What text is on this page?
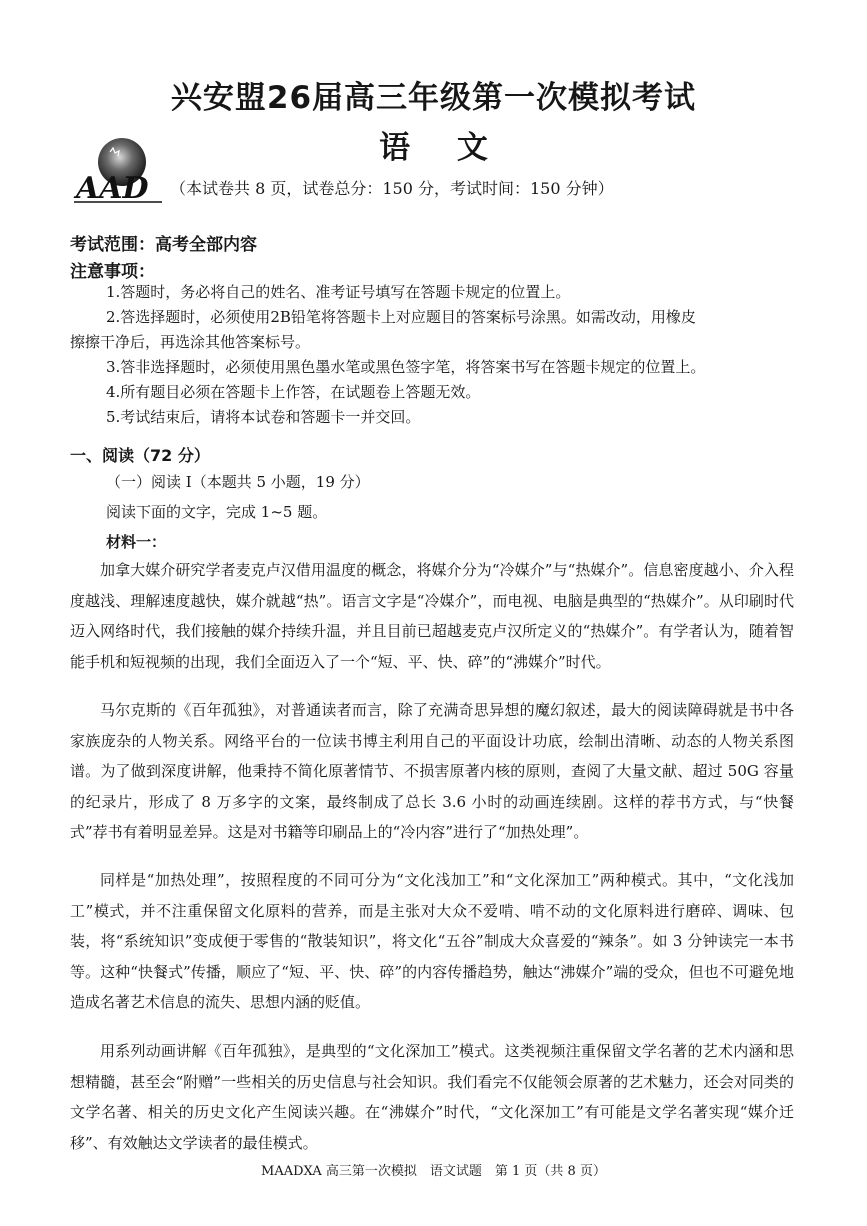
兴安盟26届高三年级第一次模拟考试
语 文
AAD （本试卷共 8 页，试卷总分：150 分，考试时间：150 分钟）
考试范围：高考全部内容
注意事项：
1.答题时，务必将自己的姓名、准考证号填写在答题卡规定的位置上。
2.答选择题时，必须使用2B铅笔将答题卡上对应题目的答案标号涂黑。如需改动，用橡皮
擦擦干净后，再选涂其他答案标号。
3.答非选择题时，必须使用黑色墨水笔或黑色签字笔，将答案书写在答题卡规定的位置上。
4.所有题目必须在答题卡上作答，在试题卷上答题无效。
5.考试结束后，请将本试卷和答题卡一并交回。
一、阅读（72 分）
（一）阅读 I（本题共 5 小题，19 分）
阅读下面的文字，完成 1~5 题。
材料一：
加拿大媒介研究学者麦克卢汉借用温度的概念，将媒介分为“冷媒介”与“热媒介”。信息密度越小、介入程度越浅、理解速度越快，媒介就越“热”。语言文字是“冷媒介”，而电视、电脑是典型的“热媒介”。从印刷时代迈入网络时代，我们接触的媒介持续升温，并且目前已超越麦克卢汉所定义的“热媒介”。有学者认为，随着智能手机和短视频的出现，我们全面迈入了一个“短、平、快、碎”的“沸媒介”时代。
马尔克斯的《百年孤独》，对普通读者而言，除了充满奇思异想的魔幻叙述，最大的阅读障碍就是书中各家族庞杂的人物关系。网络平台的一位读书博主利用自己的平面设计功底，绘制出清晰、动态的人物关系图谱。为了做到深度讲解，他秉持不简化原著情节、不损害原著内核的原则，查阅了大量文献、超过 50G 容量的纪录片，形成了 8 万多字的文案，最终制成了总长 3.6 小时的动画连续剧。这样的荐书方式，与“快餐式”荐书有着明显差异。这是对书籍等印刷品上的“冷内容”进行了“加热处理”。
同样是“加热处理”，按照程度的不同可分为“文化浅加工”和“文化深加工”两种模式。其中，“文化浅加工”模式，并不注重保留文化原料的营养，而是主张对大众不爱啃、啃不动的文化原料进行磨碎、调味、包装，将“系统知识”变成便于零售的“散装知识”，将文化“五谷”制成大众喜爱的“辣条”。如 3 分钟读完一本书等。这种“快餐式”传播，顺应了“短、平、快、碎”的内容传播趋势，触达“沸媒介”端的受众，但也不可避免地造成名著艺术信息的流失、思想内涵的贬值。
用系列动画讲解《百年孤独》，是典型的“文化深加工”模式。这类视频注重保留文学名著的艺术内涵和思想精髓，甚至会“附赠”一些相关的历史信息与社会知识。我们看完不仅能领会原著的艺术魅力，还会对同类的文学名著、相关的历史文化产生阅读兴趣。在“沸媒介”时代，“文化深加工”有可能是文学名著实现“媒介迁移”、有效触达文学读者的最佳模式。
MAADXA 高三第一次模拟　语文试题　第 1 页（共 8 页）
